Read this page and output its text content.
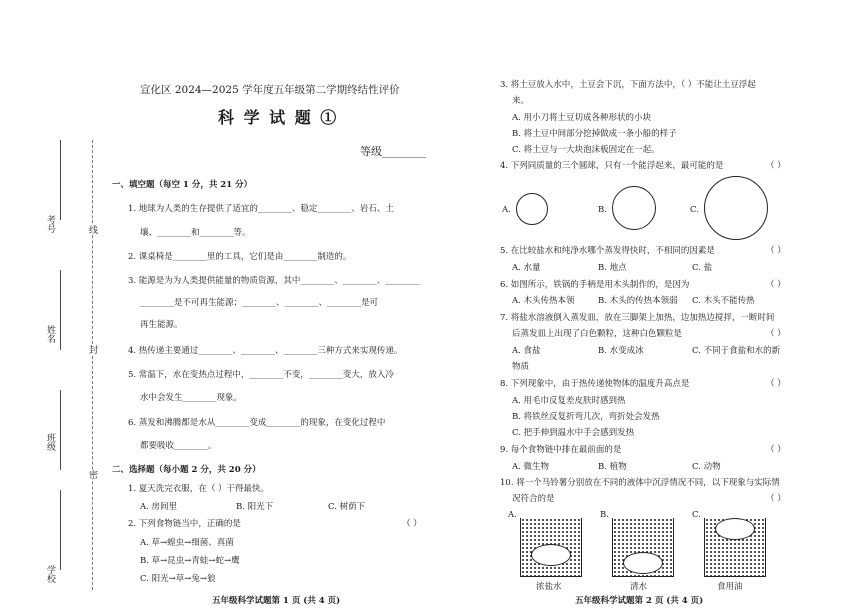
考号
姓名
班级
学校
线
封
密
宣化区 2024—2025 学年度五年级第二学期终结性评价
科 学 试 题 ①
等级________
一、填空题（每空 1 分，共 21 分）
1. 地球为人类的生存提供了适宜的________、稳定________、岩石、土
壤、________和________等。
2. 课桌椅是________里的工具，它们是由________制造的。
3. 能源是为为人类提供能量的物质资源，其中________、________、________
________是不可再生能源；________、________、________是可
再生能源。
4. 热传递主要通过________、________、________三种方式来实现传递。
5. 常温下，水在变热点过程中，________不变，________变大，放入冷
水中会发生________现象。
6. 蒸发和沸腾都是水从________变成________的现象，在变化过程中
都要吸收________。
二、选择题（每小题 2 分，共 20 分）
1. 夏天洗完衣服，在（ ）干得最快。
A. 房间里	B. 阳光下	C. 树荫下
2. 下列食物链当中，正确的是	（ ）
A. 草→蝗虫→细菌、真菌
B. 草→昆虫→青蛙→蛇→鹰
C. 阳光→草→兔→狼
五年级科学试题第 1 页 (共 4 页)
3. 将土豆放入水中，土豆会下沉，下面方法中，（ ）不能让土豆浮起
来。
A. 用小刀将土豆切成各种形状的小块
B. 将土豆中间部分挖掉做成一条小船的样子
C. 将土豆与一大块泡沫板固定在一起。
4. 下列同质量的三个圆球，只有一个能浮起来，最可能的是	（ ）
A.	B.	C.
5. 在比较盐水和纯净水哪个蒸发得快时，不相同的因素是	（ ）
A. 水量	B. 地点	C. 盐
6. 如图所示，铁锅的手柄是用木头制作的，是因为	（ ）
A. 木头传热本领	B. 木头的传热本领弱 C. 木头不能传热
7. 将盐水溶液倒入蒸发皿，放在三脚架上加热，边加热边搅拌，一断时间
后蒸发皿上出现了白色颗粒，这种白色颗粒是	（ ）
A. 食盐	B. 水变成冰	C. 不同于食盐和水的新
物质
8. 下列现象中，由于热传递使物体的温度升高点是	（ ）
A. 用毛巾反复差皮肤时感到热
B. 将铁丝反复折弯几次，弯折处会发热
C. 把手伸到温水中手会感到发热
9. 每个食物链中排在最前面的是	（ ）
A. 微生物	B. 植物	C. 动物
10. 将一个马铃薯分别放在不同的液体中沉浮情况不同，以下现象与实际情
况符合的是	（ ）
A.
浓盐水
B.
清水
C.
食用油
五年级科学试题第 2 页 (共 4 页)
